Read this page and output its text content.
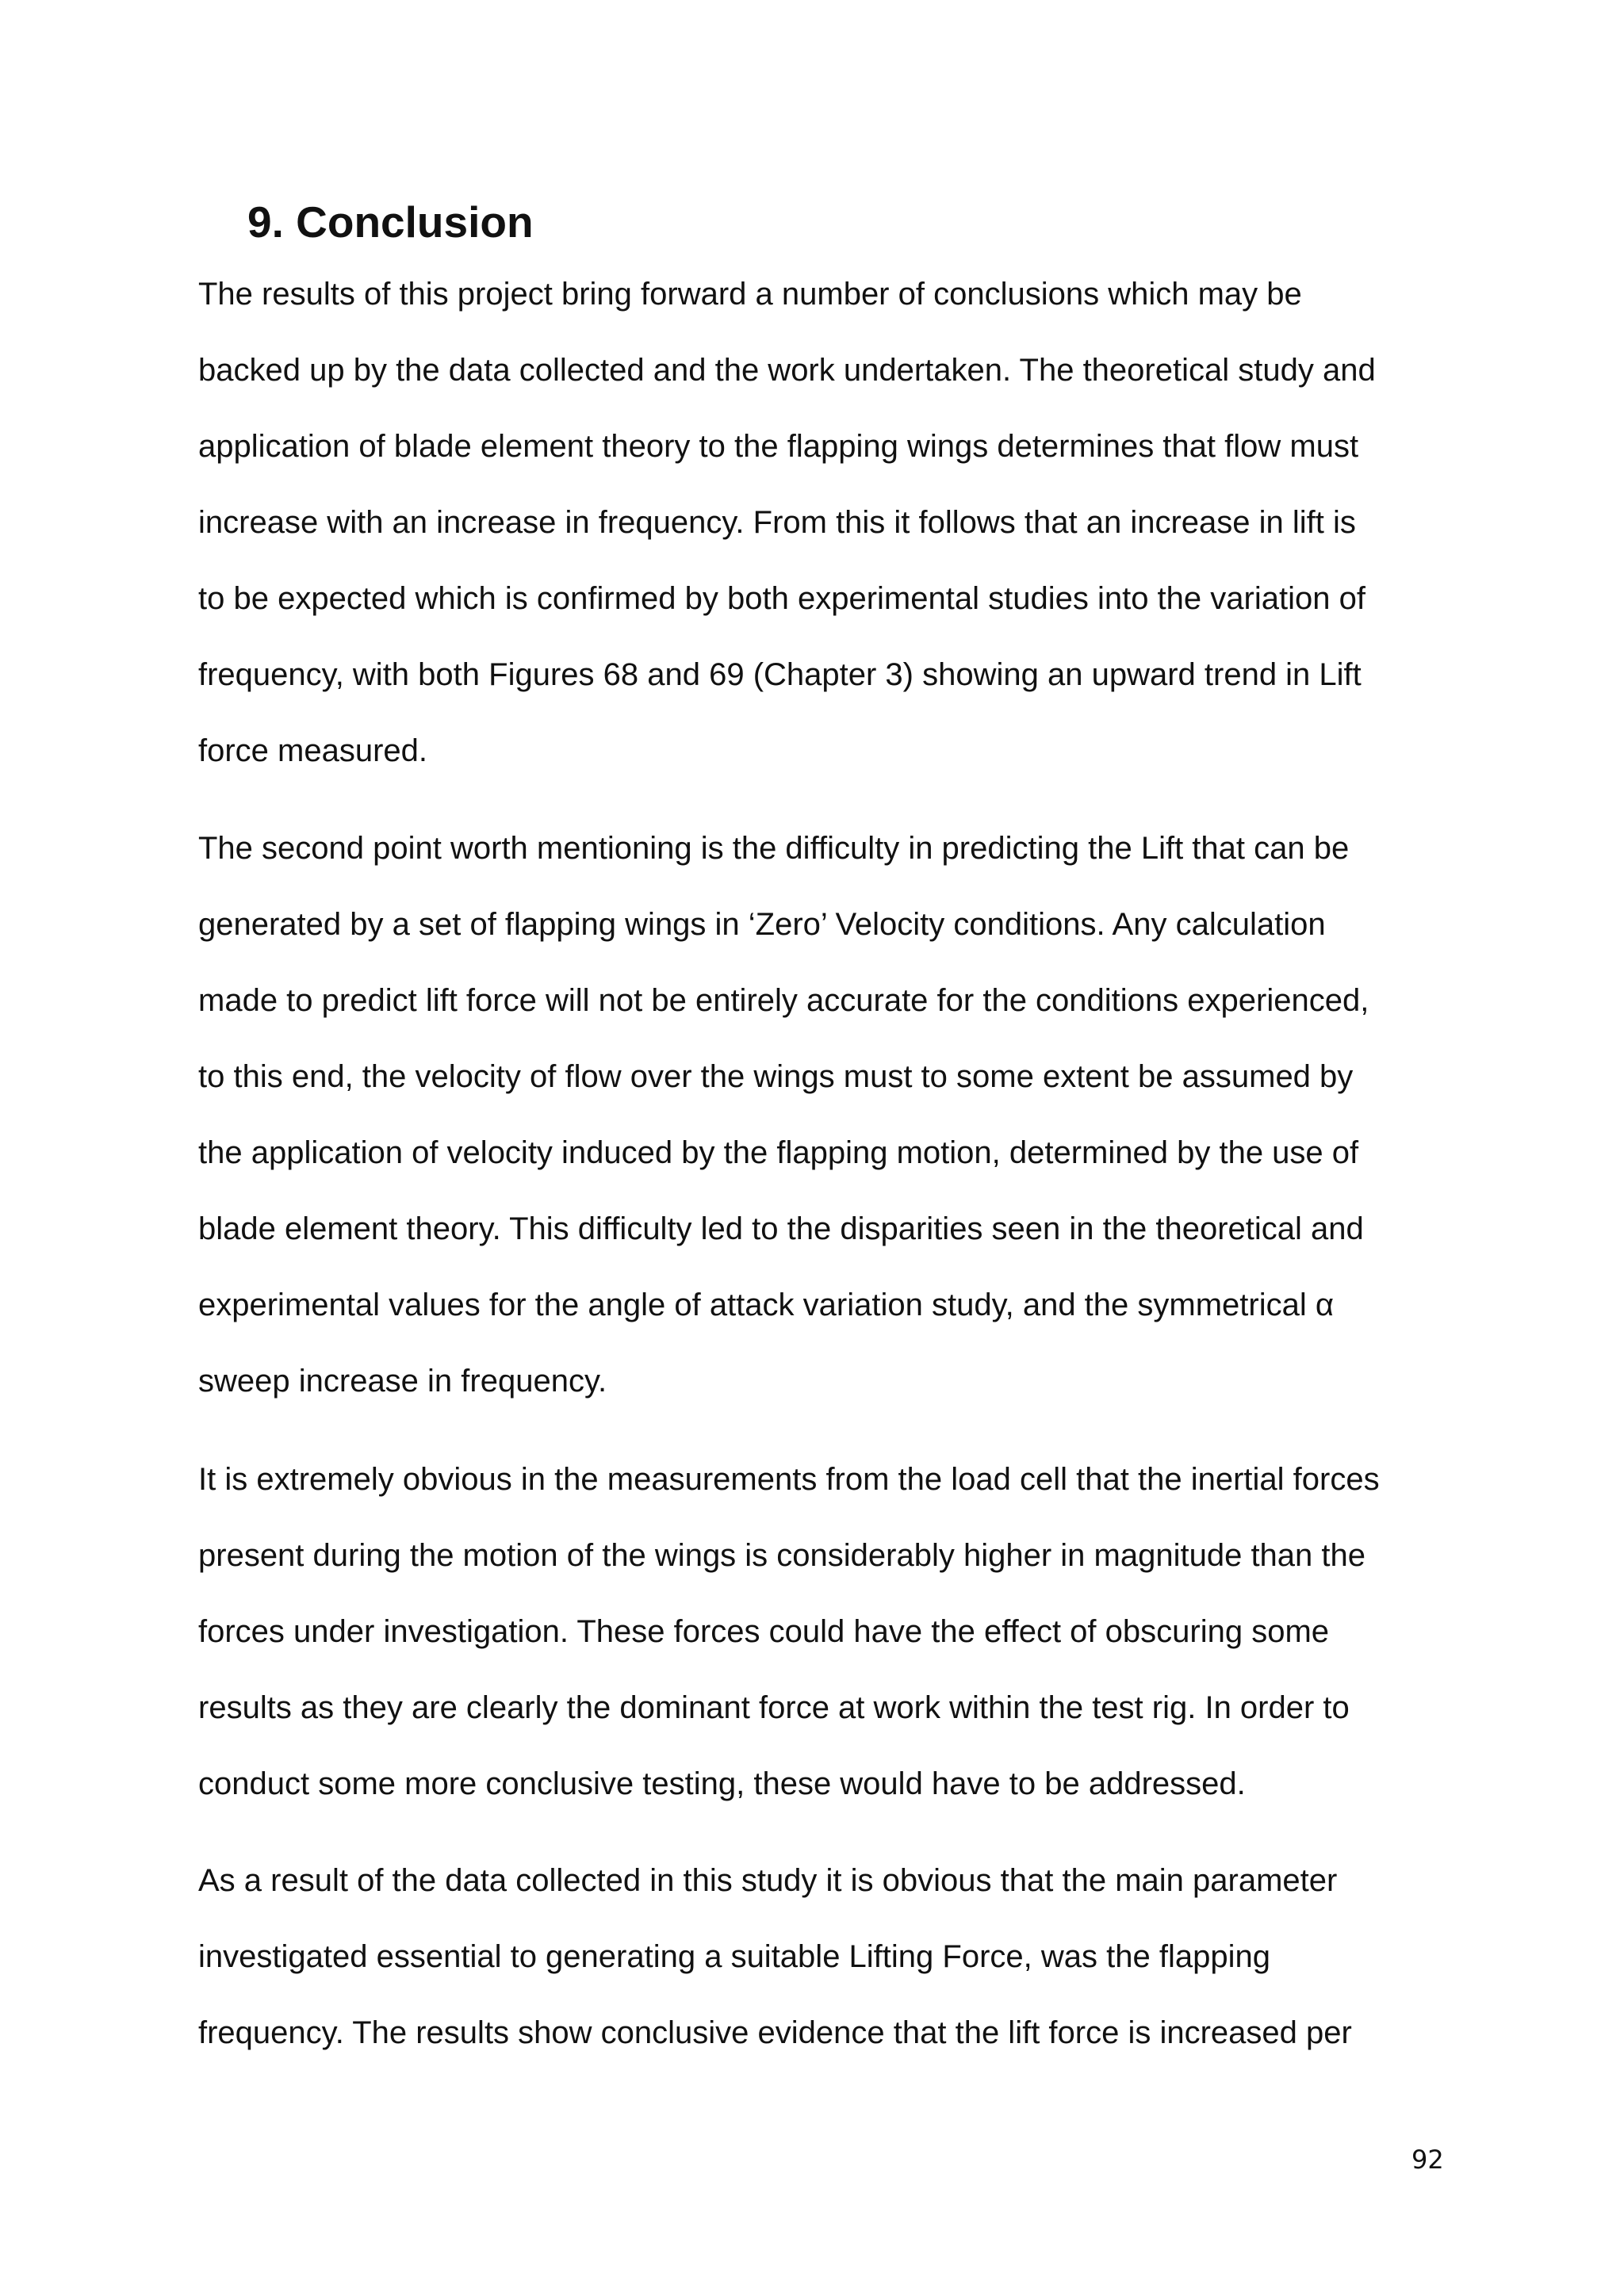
9. Conclusion
The results of this project bring forward a number of conclusions which may be
backed up by the data collected and the work undertaken. The theoretical study and
application of blade element theory to the flapping wings determines that flow must
increase with an increase in frequency. From this it follows that an increase in lift is
to be expected which is confirmed by both experimental studies into the variation of
frequency, with both Figures 68 and 69 (Chapter 3) showing an upward trend in Lift
force measured.
The second point worth mentioning is the difficulty in predicting the Lift that can be
generated by a set of flapping wings in ‘Zero’ Velocity conditions. Any calculation
made to predict lift force will not be entirely accurate for the conditions experienced,
to this end, the velocity of flow over the wings must to some extent be assumed by
the application of velocity induced by the flapping motion, determined by the use of
blade element theory. This difficulty led to the disparities seen in the theoretical and
experimental values for the angle of attack variation study, and the symmetrical α
sweep increase in frequency.
It is extremely obvious in the measurements from the load cell that the inertial forces
present during the motion of the wings is considerably higher in magnitude than the
forces under investigation. These forces could have the effect of obscuring some
results as they are clearly the dominant force at work within the test rig. In order to
conduct some more conclusive testing, these would have to be addressed.
As a result of the data collected in this study it is obvious that the main parameter
investigated essential to generating a suitable Lifting Force, was the flapping
frequency. The results show conclusive evidence that the lift force is increased per
92
